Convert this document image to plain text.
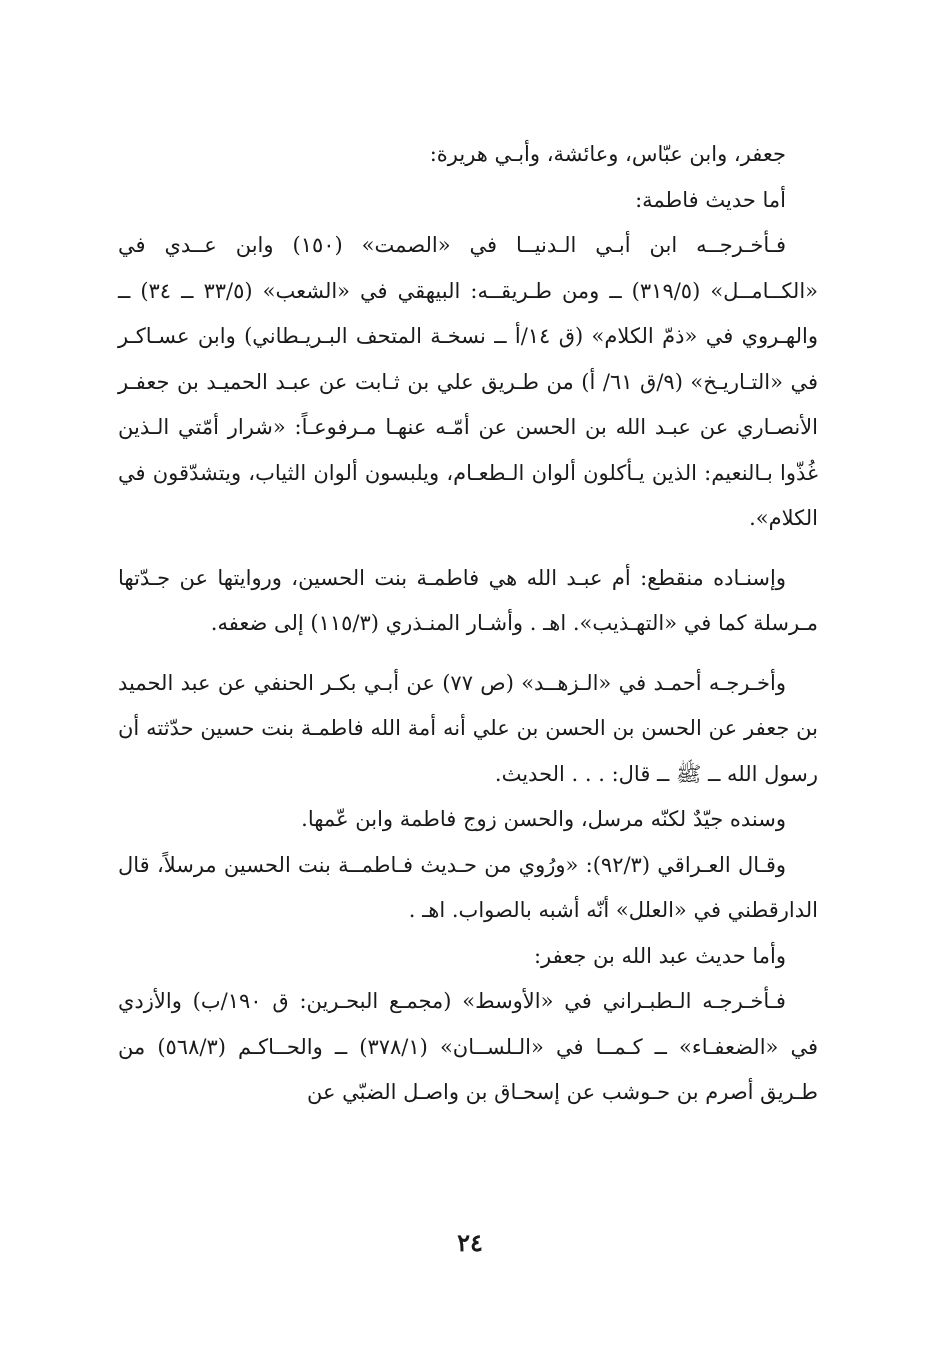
جعفر، وابن عبّاس، وعائشة، وأبـي هريرة:

أما حديث فاطمة:

فـأخـرجــه ابن أبـي الـدنيــا في «الصمت» (١٥٠) وابن عــدي في «الكــامــل» (٣١٩/٥) ــ ومن طـريقــه: البيهقي في «الشعب» (٣٣/٥ ــ ٣٤) ــ والهـروي في «ذمّ الكلام» (ق ١٤/أ ــ نسخـة المتحف البـريـطاني) وابن عسـاكـر في «التـاريـخ» (٩/ق ٦١/ أ) من طـريق علي بن ثـابت عن عبـد الحميـد بن جعفـر الأنصـاري عن عبـد الله بن الحسن عن أمّـه عنهـا مـرفوعـاً: «شرار أمّتي الـذين غُذّوا بـالنعيم: الذين يـأكلون ألوان الـطعـام، ويلبسون ألوان الثياب، ويتشدّقون في الكلام».

وإسنـاده منقطع: أم عبـد الله هي فاطمـة بنت الحسين، وروايتها عن جـدّتها مـرسلة كما في «التهـذيب». اهـ . وأشـار المنـذري (١١٥/٣) إلى ضعفه.

وأخـرجـه أحمـد في «الـزهــد» (ص ٧٧) عن أبـي بكـر الحنفي عن عبد الحميد بن جعفر عن الحسن بن الحسن بن علي أنه أمة الله فاطمـة بنت حسين حدّثته أن رسول الله ــ ﷺ ــ قال: . . . الحديث.

وسنده جيّدٌ لكنّه مرسل، والحسن زوج فاطمة وابن عّمها.

وقـال العـراقي (٩٢/٣): «ورُوي من حـديث فـاطمــة بنت الحسين مرسلاً، قال الدارقطني في «العلل» أنّه أشبه بالصواب. اهـ .

وأما حديث عبد الله بن جعفر:

فـأخـرجـه الـطبـراني في «الأوسط» (مجمـع البحـرين: ق ١٩٠/ب) والأزدي في «الضعفـاء» ــ كـمــا في «الـلســان» (٣٧٨/١) ــ والحــاكـم (٥٦٨/٣) من طـريق أصرم بن حـوشب عن إسحـاق بن واصـل الضبّي عن

٢٤
